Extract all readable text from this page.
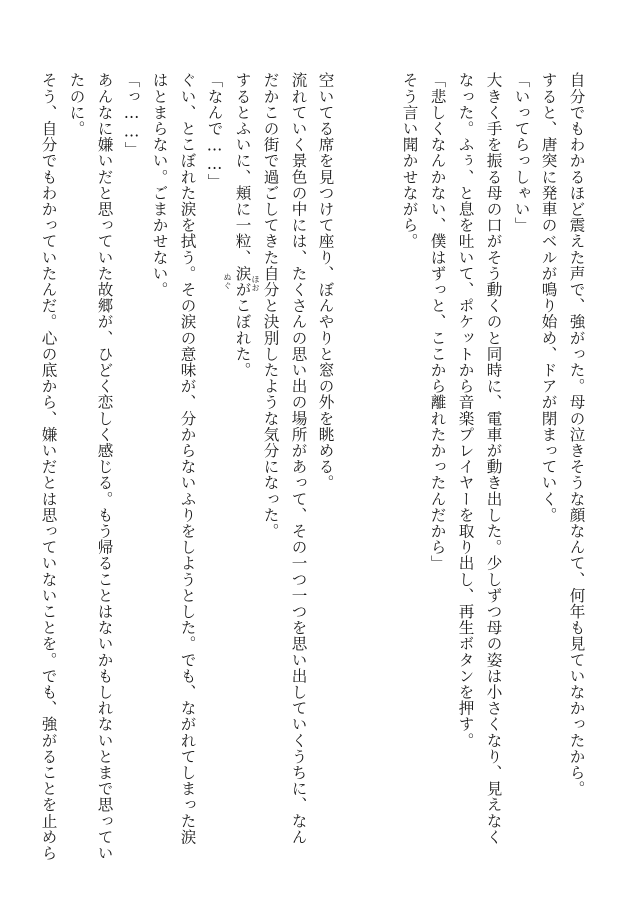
自分でもわかるほど震えた声で、強がった。母の泣きそうな顔なんて、何年も見ていなかったから。
すると、唐突に発車のベルが鳴り始め、ドアが閉まっていく。
「いってらっしゃい」
大きく手を振る母の口がそう動くのと同時に、電車が動き出した。少しずつ母の姿は小さくなり、見えなく
なった。ふぅ、と息を吐いて、ポケットから音楽プレイヤーを取り出し、再生ボタンを押す。
「悲しくなんかない、僕はずっと、ここから離れたかったんだから」
そう言い聞かせながら。
空いてる席を見つけて座り、ぼんやりと窓の外を眺める。
流れていく景色の中には、たくさんの思い出の場所があって、その一つ一つを思い出していくうちに、なん
だかこの街で過ごしてきた自分と決別したような気分になった。
するとふいに、頬に一粒、涙がこぼれた。
「なんで……」
ぐい、とこぼれた涙を拭う。その涙の意味が、分からないふりをしようとした。でも、ながれてしまった涙
はとまらない。ごまかせない。
「っ……」
あんなに嫌いだと思っていた故郷が、ひどく恋しく感じる。もう帰ることはないかもしれないとまで思ってい
たのに。
そう、自分でもわかっていたんだ。心の底から、嫌いだとは思っていないことを。でも、強がることを止めら	ほお
ぬぐ
